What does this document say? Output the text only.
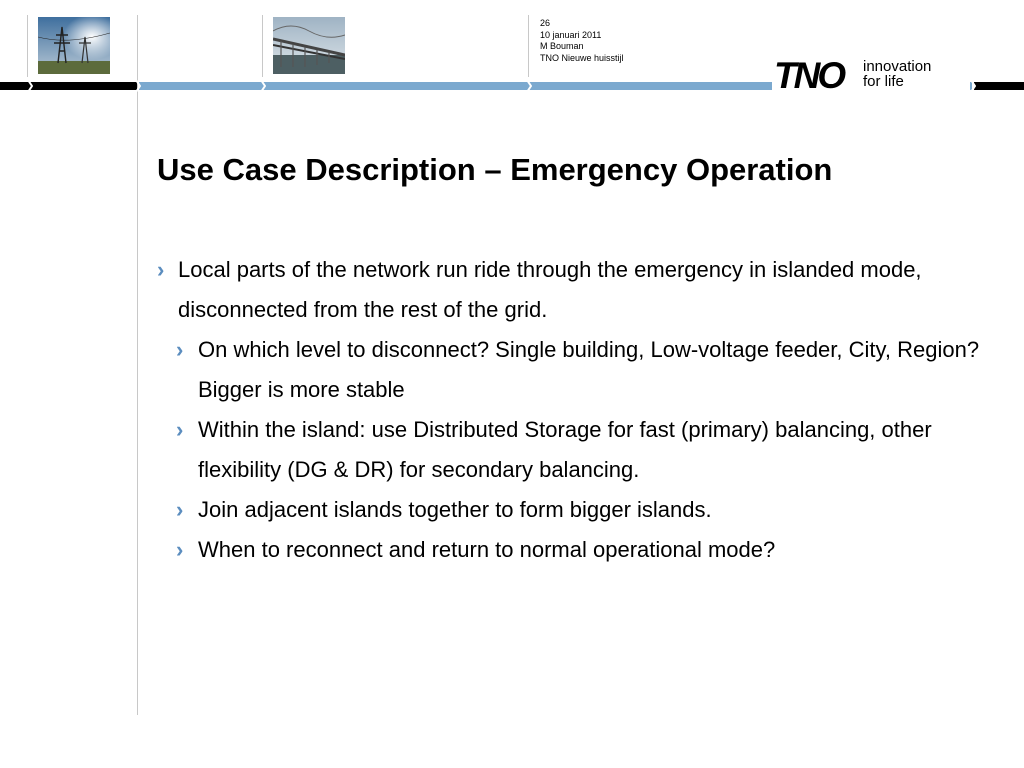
26
10 januari 2011
M Bouman
TNO Nieuwe huisstijl	TNO innovation
for life
Use Case Description – Emergency Operation
› Local parts of the network run ride through the emergency in islanded mode, disconnected from the rest of the grid.
› On which level to disconnect? Single building, Low-voltage feeder, City, Region? Bigger is more stable
› Within the island: use Distributed Storage for fast (primary) balancing, other flexibility (DG & DR) for secondary balancing.
› Join adjacent islands together to form bigger islands.
› When to reconnect and return to normal operational mode?
